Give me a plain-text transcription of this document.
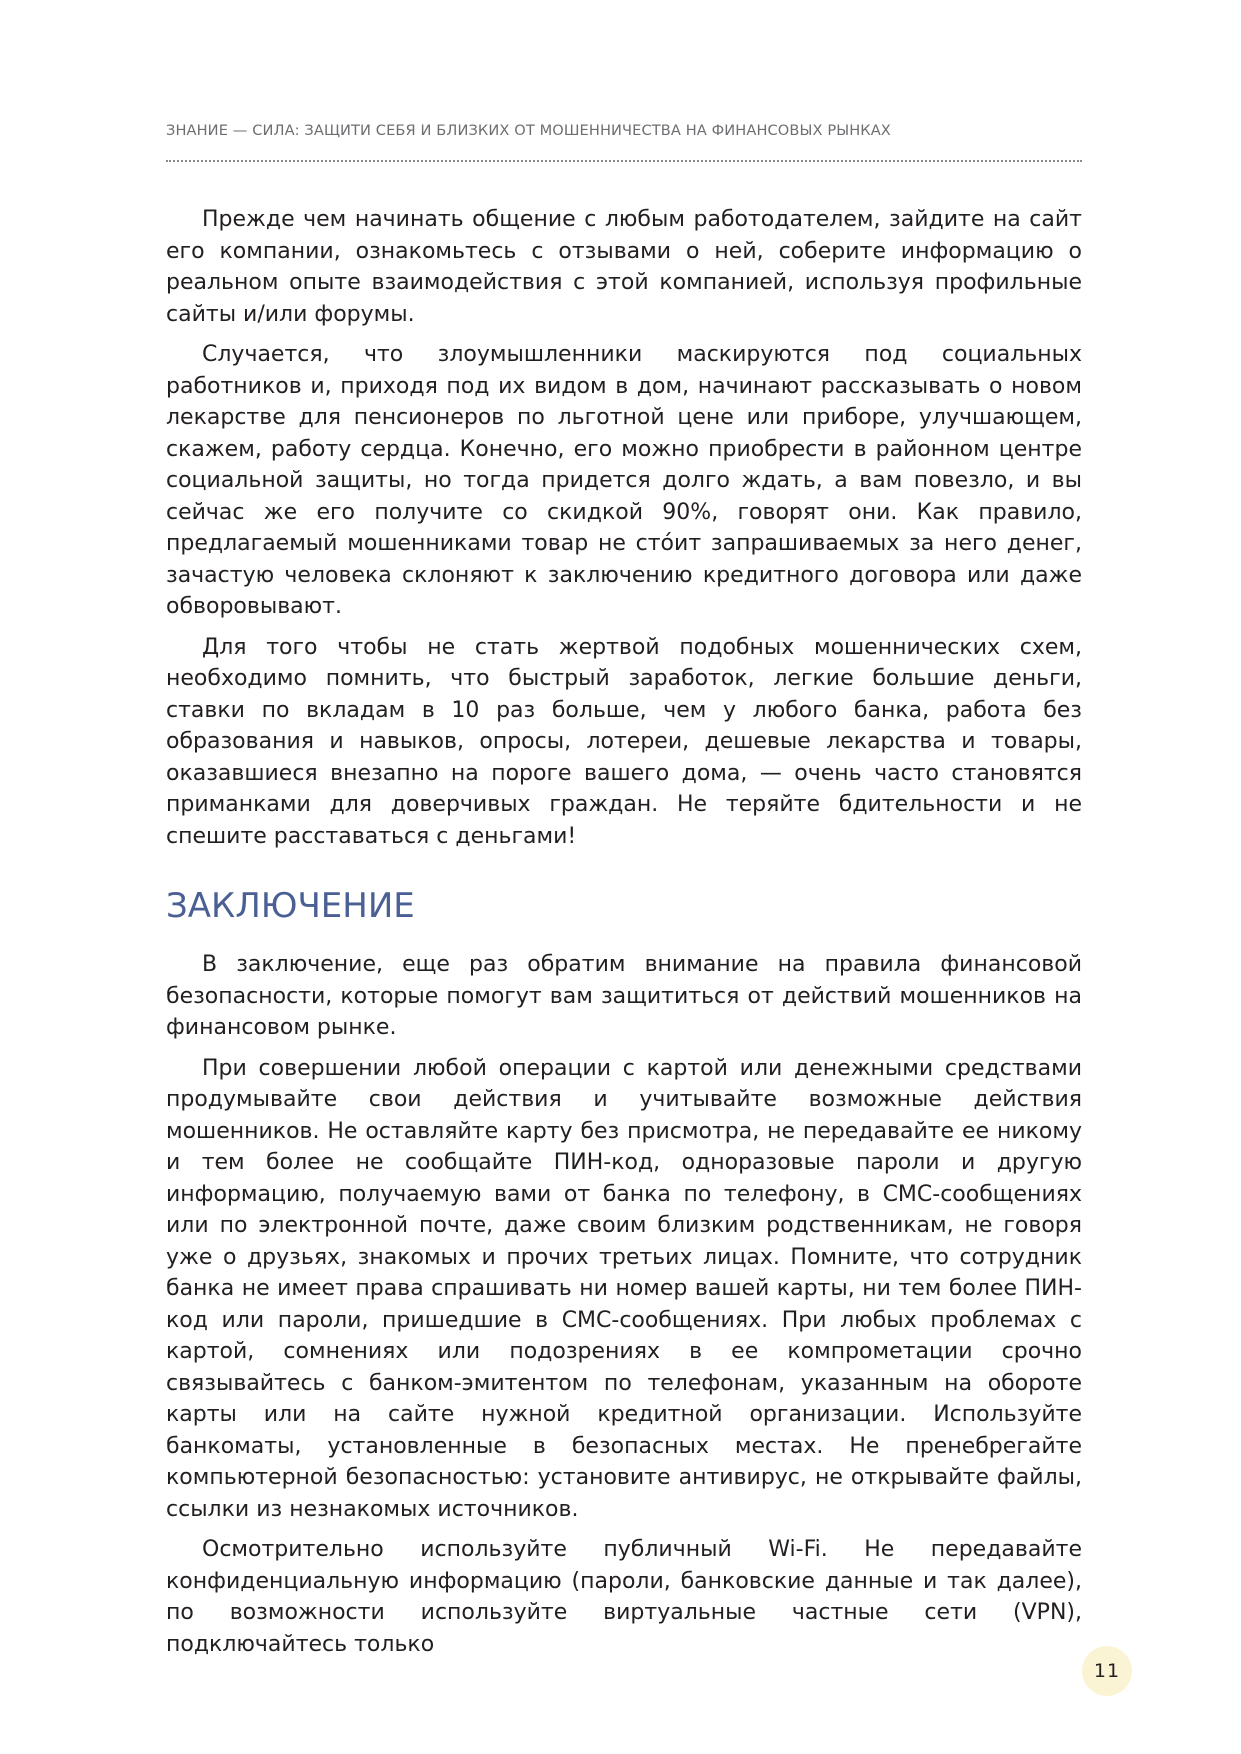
ЗНАНИЕ — СИЛА: ЗАЩИТИ СЕБЯ И БЛИЗКИХ ОТ МОШЕННИЧЕСТВА НА ФИНАНСОВЫХ РЫНКАХ

Прежде чем начинать общение с любым работодателем, зайдите на сайт его компании, ознакомьтесь с отзывами о ней, соберите информацию о реальном опыте взаимодействия с этой компанией, используя профильные сайты и/или форумы.

Случается, что злоумышленники маскируются под социальных работников и, приходя под их видом в дом, начинают рассказывать о новом лекарстве для пенсионеров по льготной цене или приборе, улучшающем, скажем, работу сердца. Конечно, его можно приобрести в районном центре социальной защиты, но тогда придется долго ждать, а вам повезло, и вы сейчас же его получите со скидкой 90%, говорят они. Как правило, предлагаемый мошенниками товар не сто́ит запрашиваемых за него денег, зачастую человека склоняют к заключению кредитного договора или даже обворовывают.

Для того чтобы не стать жертвой подобных мошеннических схем, необходимо помнить, что быстрый заработок, легкие большие деньги, ставки по вкладам в 10 раз больше, чем у любого банка, работа без образования и навыков, опросы, лотереи, дешевые лекарства и товары, оказавшиеся внезапно на пороге вашего дома, — очень часто становятся приманками для доверчивых граждан. Не теряйте бдительности и не спешите расставаться с деньгами!

ЗАКЛЮЧЕНИЕ

В заключение, еще раз обратим внимание на правила финансовой безопасности, которые помогут вам защититься от действий мошенников на финансовом рынке.

При совершении любой операции с картой или денежными средствами продумывайте свои действия и учитывайте возможные действия мошенников. Не оставляйте карту без присмотра, не передавайте ее никому и тем более не сообщайте ПИН-код, одноразовые пароли и другую информацию, получаемую вами от банка по телефону, в СМС-сообщениях или по электронной почте, даже своим близким родственникам, не говоря уже о друзьях, знакомых и прочих третьих лицах. Помните, что сотрудник банка не имеет права спрашивать ни номер вашей карты, ни тем более ПИН-код или пароли, пришедшие в СМС-сообщениях. При любых проблемах с картой, сомнениях или подозрениях в ее компрометации срочно связывайтесь с банком-эмитентом по телефонам, указанным на обороте карты или на сайте нужной кредитной организации. Используйте банкоматы, установленные в безопасных местах. Не пренебрегайте компьютерной безопасностью: установите антивирус, не открывайте файлы, ссылки из незнакомых источников.

Осмотрительно используйте публичный Wi-Fi. Не передавайте конфиденциальную информацию (пароли, банковские данные и так далее), по возможности используйте виртуальные частные сети (VPN), подключайтесь только

11
